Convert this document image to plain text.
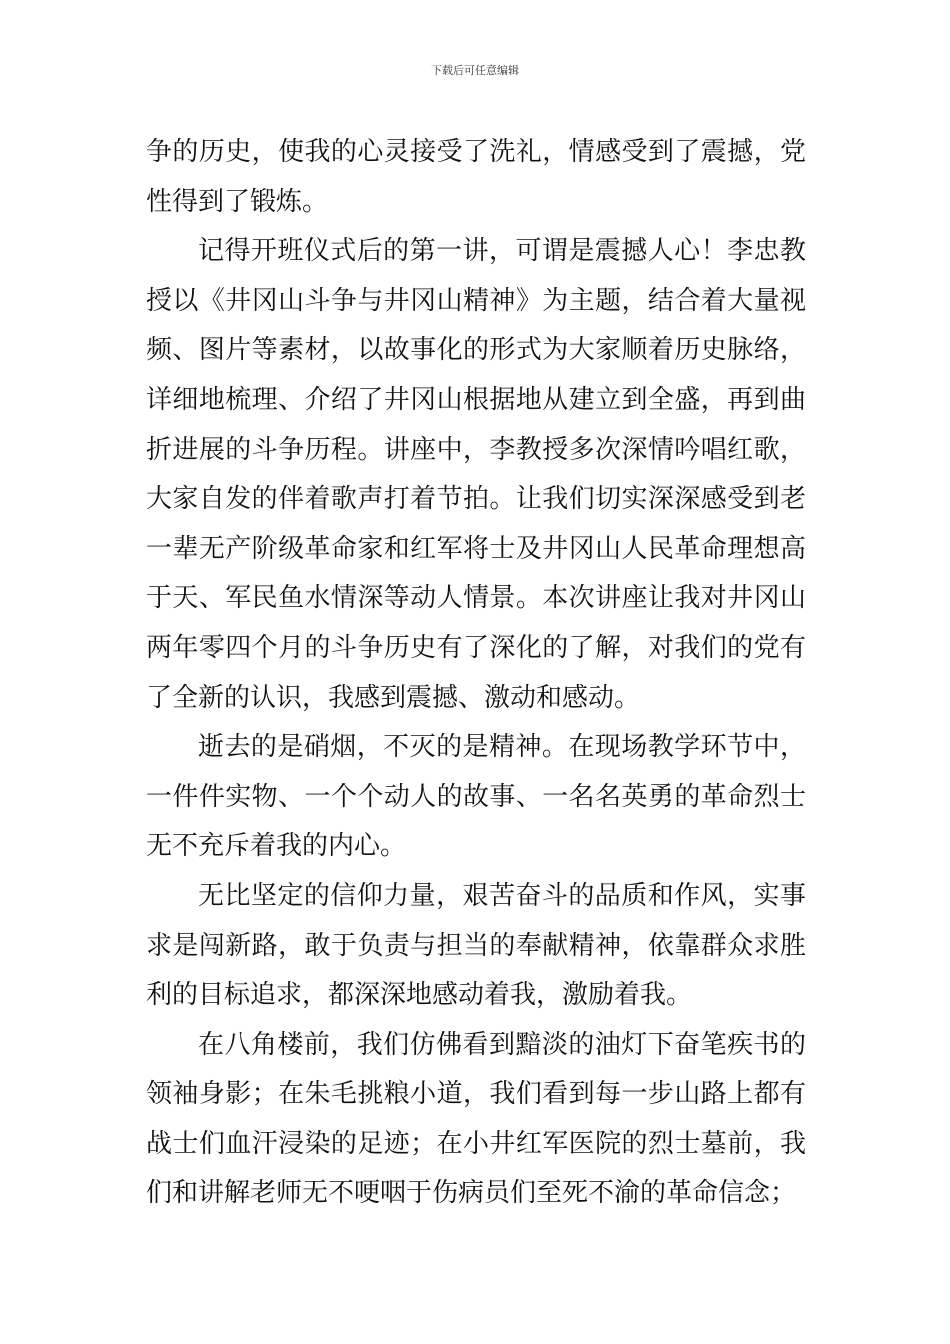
下载后可任意编辑
争的历史，使我的心灵接受了洗礼，情感受到了震撼，党
性得到了锻炼。
记得开班仪式后的第一讲，可谓是震撼人心！李忠教
授以《井冈山斗争与井冈山精神》为主题，结合着大量视
频、图片等素材，以故事化的形式为大家顺着历史脉络，
详细地梳理、介绍了井冈山根据地从建立到全盛，再到曲
折进展的斗争历程。讲座中，李教授多次深情吟唱红歌，
大家自发的伴着歌声打着节拍。让我们切实深深感受到老
一辈无产阶级革命家和红军将士及井冈山人民革命理想高
于天、军民鱼水情深等动人情景。本次讲座让我对井冈山
两年零四个月的斗争历史有了深化的了解，对我们的党有
了全新的认识，我感到震撼、激动和感动。
逝去的是硝烟，不灭的是精神。在现场教学环节中，
一件件实物、一个个动人的故事、一名名英勇的革命烈士
无不充斥着我的内心。
无比坚定的信仰力量，艰苦奋斗的品质和作风，实事
求是闯新路，敢于负责与担当的奉献精神，依靠群众求胜
利的目标追求，都深深地感动着我，激励着我。
在八角楼前，我们仿佛看到黯淡的油灯下奋笔疾书的
领袖身影；在朱毛挑粮小道，我们看到每一步山路上都有
战士们血汗浸染的足迹；在小井红军医院的烈士墓前，我
们和讲解老师无不哽咽于伤病员们至死不渝的革命信念；
